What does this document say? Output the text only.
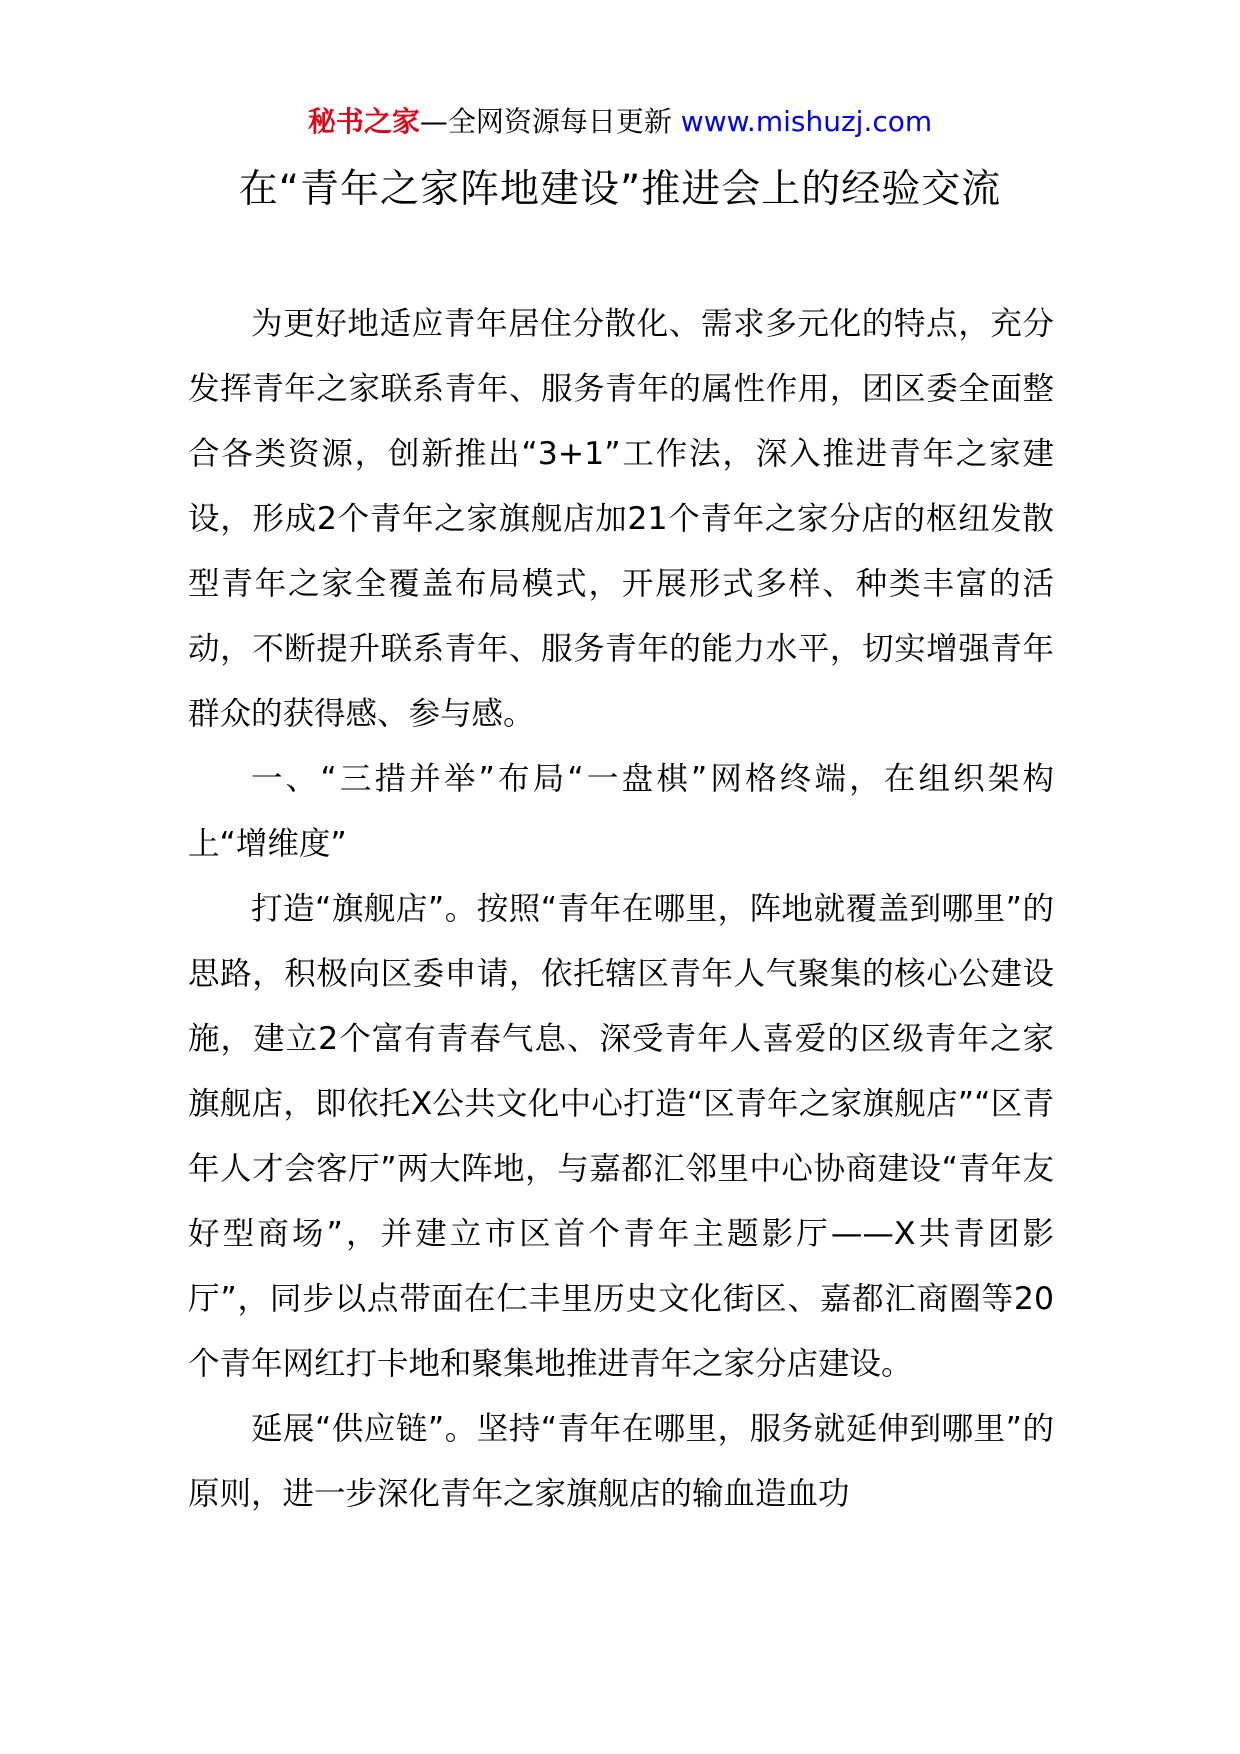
秘书之家—全网资源每日更新 www.mishuzj.com
在“青年之家阵地建设”推进会上的经验交流

为更好地适应青年居住分散化、需求多元化的特点，充分发挥青年之家联系青年、服务青年的属性作用，团区委全面整合各类资源，创新推出“3+1”工作法，深入推进青年之家建设，形成2个青年之家旗舰店加21个青年之家分店的枢纽发散型青年之家全覆盖布局模式，开展形式多样、种类丰富的活动，不断提升联系青年、服务青年的能力水平，切实增强青年群众的获得感、参与感。

一、“三措并举”布局“一盘棋”网格终端，在组织架构上“增维度”

打造“旗舰店”。按照“青年在哪里，阵地就覆盖到哪里”的思路，积极向区委申请，依托辖区青年人气聚集的核心公建设施，建立2个富有青春气息、深受青年人喜爱的区级青年之家旗舰店，即依托X公共文化中心打造“区青年之家旗舰店”“区青年人才会客厅”两大阵地，与嘉都汇邻里中心协商建设“青年友好型商场”，并建立市区首个青年主题影厅——X共青团影厅”，同步以点带面在仁丰里历史文化街区、嘉都汇商圈等20个青年网红打卡地和聚集地推进青年之家分店建设。

延展“供应链”。坚持“青年在哪里，服务就延伸到哪里”的原则，进一步深化青年之家旗舰店的输血造血功
